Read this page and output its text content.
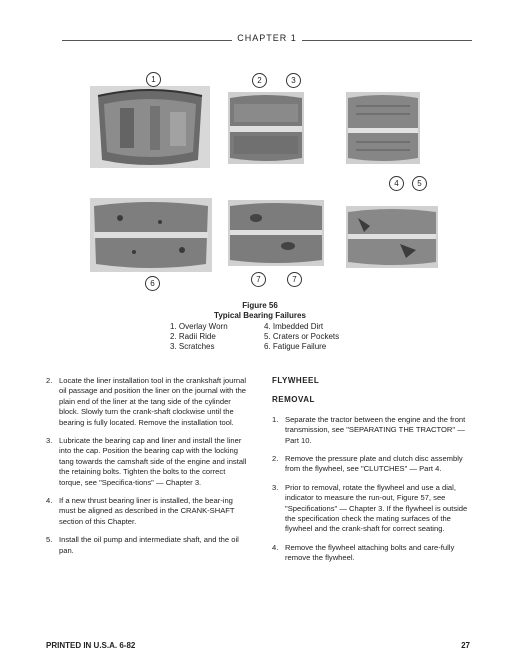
CHAPTER 1
1	2	3
4	5
6	7	7
Figure 56
Typical Bearing Failures
1. Overlay Worn	4. Imbedded Dirt
2. Radii Ride	5. Craters or Pockets
3. Scratches	6. Fatigue Failure
2. Locate the liner installation tool in the crankshaft journal oil passage and position the liner on the journal with the plain end of the liner at the tang side of the cylinder block. Slowly turn the crank-shaft clockwise until the bearing is fully located. Remove the installation tool.
3. Lubricate the bearing cap and liner and install the liner into the cap. Position the bearing cap with the locking tang towards the camshaft side of the engine and install the retaining bolts. Tighten the bolts to the correct torque, see "Specifica-tions" — Chapter 3.
4. If a new thrust bearing liner is installed, the bear-ing must be aligned as described in the CRANK-SHAFT section of this Chapter.
5. Install the oil pump and intermediate shaft, and the oil pan.
FLYWHEEL
REMOVAL
1. Separate the tractor between the engine and the front transmission, see "SEPARATING THE TRACTOR" — Part 10.
2. Remove the pressure plate and clutch disc assembly from the flywheel, see "CLUTCHES" — Part 4.
3. Prior to removal, rotate the flywheel and use a dial, indicator to measure the run-out, Figure 57, see "Specifications" — Chapter 3. If the flywheel is outside the specification check the mating surfaces of the flywheel and the crank-shaft for correct seating.
4. Remove the flywheel attaching bolts and care-fully remove the flywheel.
PRINTED IN U.S.A. 6-82	27
